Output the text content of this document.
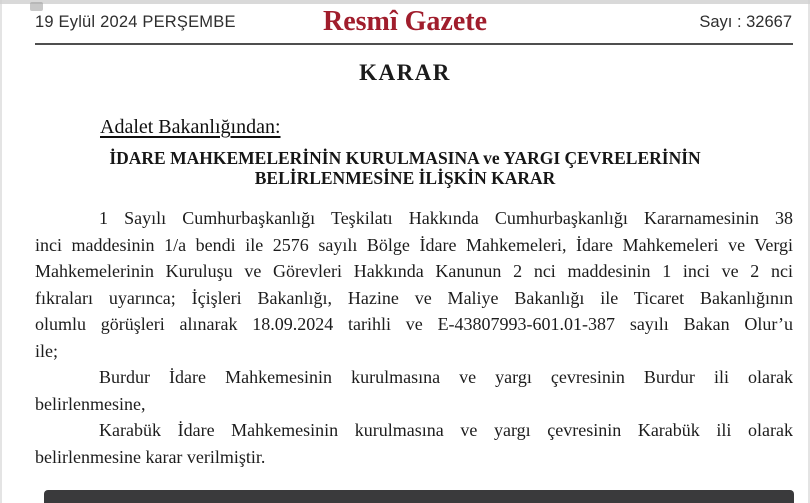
19 Eylül 2024 PERŞEMBE	Resmî Gazete	Sayı : 32667
KARAR
Adalet Bakanlığından:
İDARE MAHKEMELERİNİN KURULMASINA ve YARGI ÇEVRELERİNİN
BELİRLENMESİNE İLİŞKİN KARAR
1 Sayılı Cumhurbaşkanlığı Teşkilatı Hakkında Cumhurbaşkanlığı Kararnamesinin 38
inci maddesinin 1/a bendi ile 2576 sayılı Bölge İdare Mahkemeleri, İdare Mahkemeleri ve Vergi
Mahkemelerinin Kuruluşu ve Görevleri Hakkında Kanunun 2 nci maddesinin 1 inci ve 2 nci
fıkraları uyarınca; İçişleri Bakanlığı, Hazine ve Maliye Bakanlığı ile Ticaret Bakanlığının
olumlu görüşleri alınarak 18.09.2024 tarihli ve E-43807993-601.01-387 sayılı Bakan Olur’u
ile;
Burdur İdare Mahkemesinin kurulmasına ve yargı çevresinin Burdur ili olarak
belirlenmesine,
Karabük İdare Mahkemesinin kurulmasına ve yargı çevresinin Karabük ili olarak
belirlenmesine karar verilmiştir.
